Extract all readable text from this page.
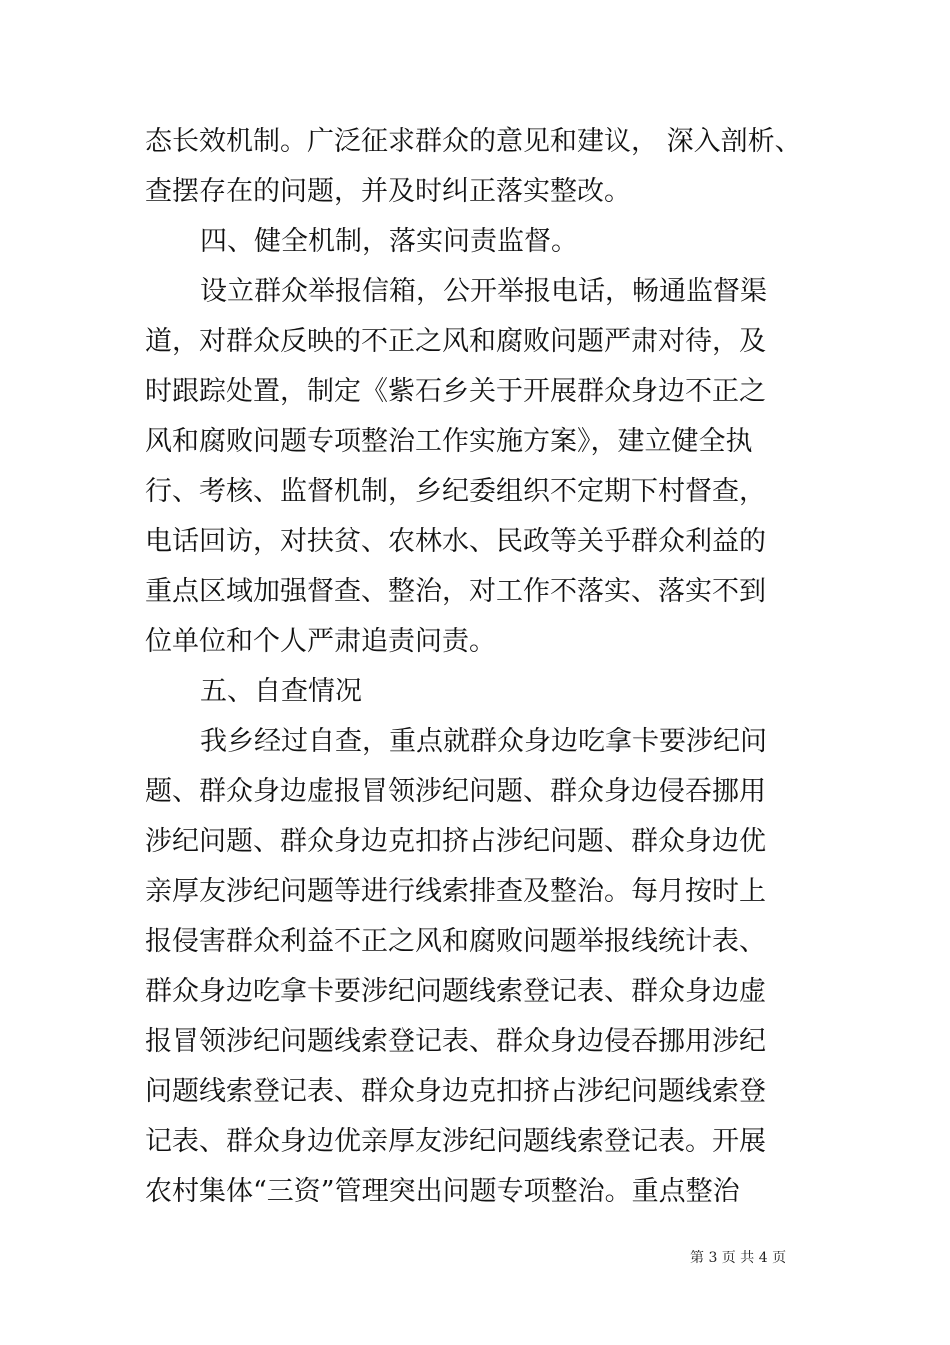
态长效机制。广泛征求群众的意见和建议， 深入剖析、
查摆存在的问题，并及时纠正落实整改。
四、健全机制，落实问责监督。
设立群众举报信箱，公开举报电话，畅通监督渠
道，对群众反映的不正之风和腐败问题严肃对待，及
时跟踪处置，制定《紫石乡关于开展群众身边不正之
风和腐败问题专项整治工作实施方案》，建立健全执
行、考核、监督机制，乡纪委组织不定期下村督查，
电话回访，对扶贫、农林水、民政等关乎群众利益的
重点区域加强督查、整治，对工作不落实、落实不到
位单位和个人严肃追责问责。
五、自查情况
我乡经过自查，重点就群众身边吃拿卡要涉纪问
题、群众身边虚报冒领涉纪问题、群众身边侵吞挪用
涉纪问题、群众身边克扣挤占涉纪问题、群众身边优
亲厚友涉纪问题等进行线索排查及整治。每月按时上
报侵害群众利益不正之风和腐败问题举报线统计表、
群众身边吃拿卡要涉纪问题线索登记表、群众身边虚
报冒领涉纪问题线索登记表、群众身边侵吞挪用涉纪
问题线索登记表、群众身边克扣挤占涉纪问题线索登
记表、群众身边优亲厚友涉纪问题线索登记表。开展
农村集体“三资”管理突出问题专项整治。重点整治
第 3 页 共 4 页
